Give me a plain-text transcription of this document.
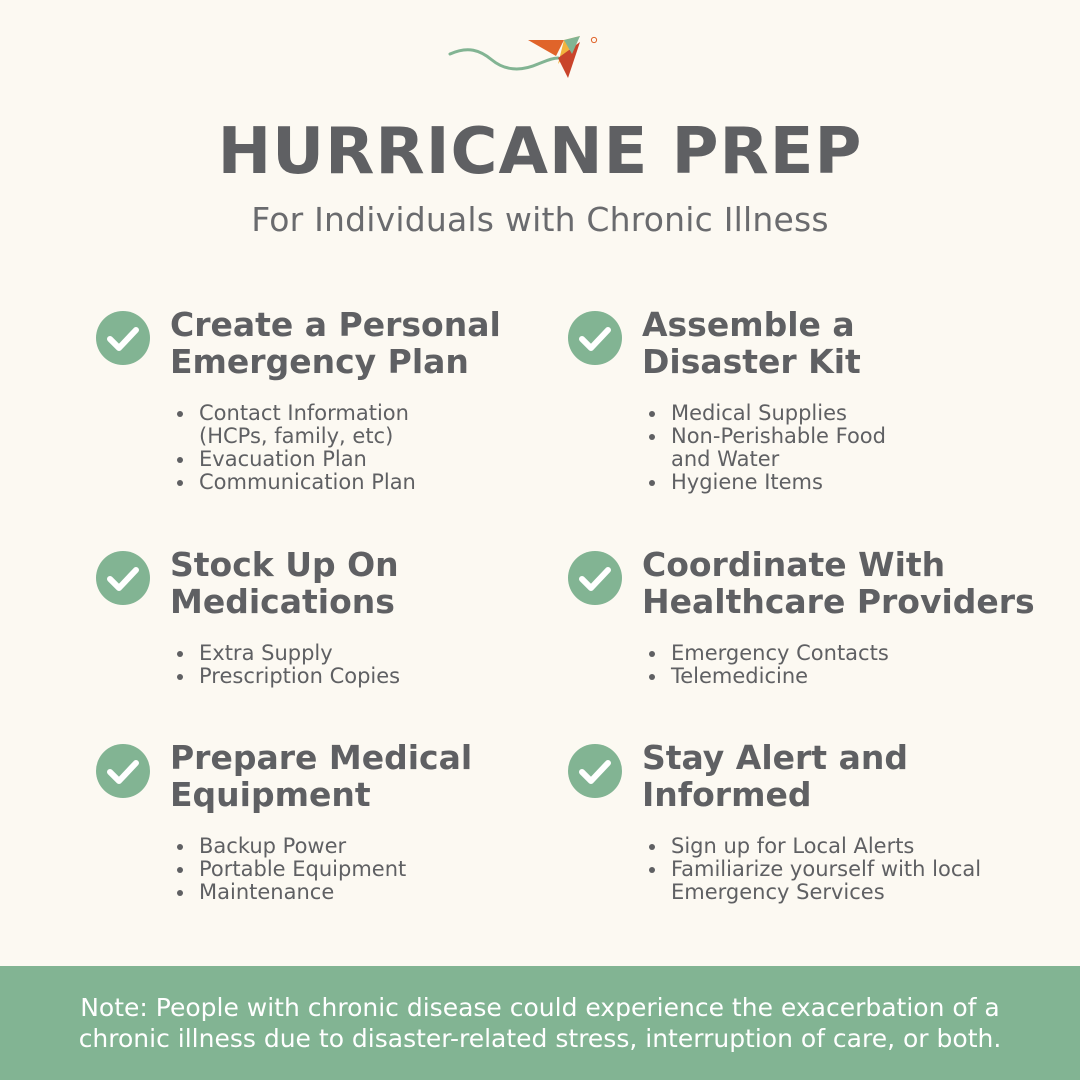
HURRICANE PREP
For Individuals with Chronic Illness
Create a Personal
Emergency Plan
Contact Information
(HCPs, family, etc)
Evacuation Plan
Communication Plan
Assemble a
Disaster Kit
Medical Supplies
Non-Perishable Food
and Water
Hygiene Items
Stock Up On
Medications
Extra Supply
Prescription Copies
Coordinate With
Healthcare Providers
Emergency Contacts
Telemedicine
Prepare Medical
Equipment
Backup Power
Portable Equipment
Maintenance
Stay Alert and
Informed
Sign up for Local Alerts
Familiarize yourself with local
Emergency Services
Note: People with chronic disease could experience the exacerbation of a
chronic illness due to disaster-related stress, interruption of care, or both.
